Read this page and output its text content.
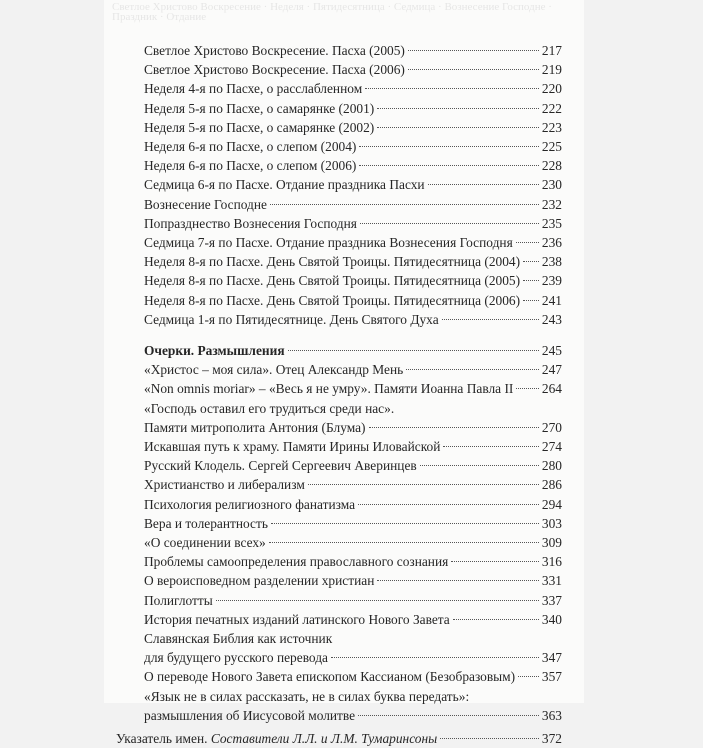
Светлое Христово Воскресение · Неделя · Пятидесятница · Седмица · Вознесение Господне · Праздник · Отдание
Светлое Христово Воскресение. Пасха (2005)	217
Светлое Христово Воскресение. Пасха (2006)	219
Неделя 4-я по Пасхе, о расслабленном	220
Неделя 5-я по Пасхе, о самарянке (2001)	222
Неделя 5-я по Пасхе, о самарянке (2002)	223
Неделя 6-я по Пасхе, о слепом (2004)	225
Неделя 6-я по Пасхе, о слепом (2006)	228
Седмица 6-я по Пасхе. Отдание праздника Пасхи	230
Вознесение Господне	232
Попразднество Вознесения Господня	235
Седмица 7-я по Пасхе. Отдание праздника Вознесения Господня 236
Неделя 8-я по Пасхе. День Святой Троицы. Пятидесятница (2004) 238
Неделя 8-я по Пасхе. День Святой Троицы. Пятидесятница (2005) 239
Неделя 8-я по Пасхе. День Святой Троицы. Пятидесятница (2006) 241
Седмица 1-я по Пятидесятнице. День Святого Духа	243
Очерки. Размышления	245
«Христос – моя сила». Отец Александр Мень	247
«Non omnis moriar» – «Весь я не умру». Памяти Иоанна Павла II 264
«Господь оставил его трудиться среди нас».
Памяти митрополита Антония (Блума)	270
Искавшая путь к храму. Памяти Ирины Иловайской	274
Русский Клодель. Сергей Сергеевич Аверинцев	280
Христианство и либерализм	286
Психология религиозного фанатизма	294
Вера и толерантность	303
«О соединении всех»	309
Проблемы самоопределения православного сознания	316
О вероисповедном разделении христиан	331
Полиглотты	337
История печатных изданий латинского Нового Завета	340
Славянская Библия как источник
для будущего русского перевода	347
О переводе Нового Завета епископом Кассианом (Безобразовым) 357
«Язык не в силах рассказать, не в силах буква передать»:
размышления об Иисусовой молитве	363
Указатель имен. Составители Л.Л. и Л.М. Тумаринсоны	372
